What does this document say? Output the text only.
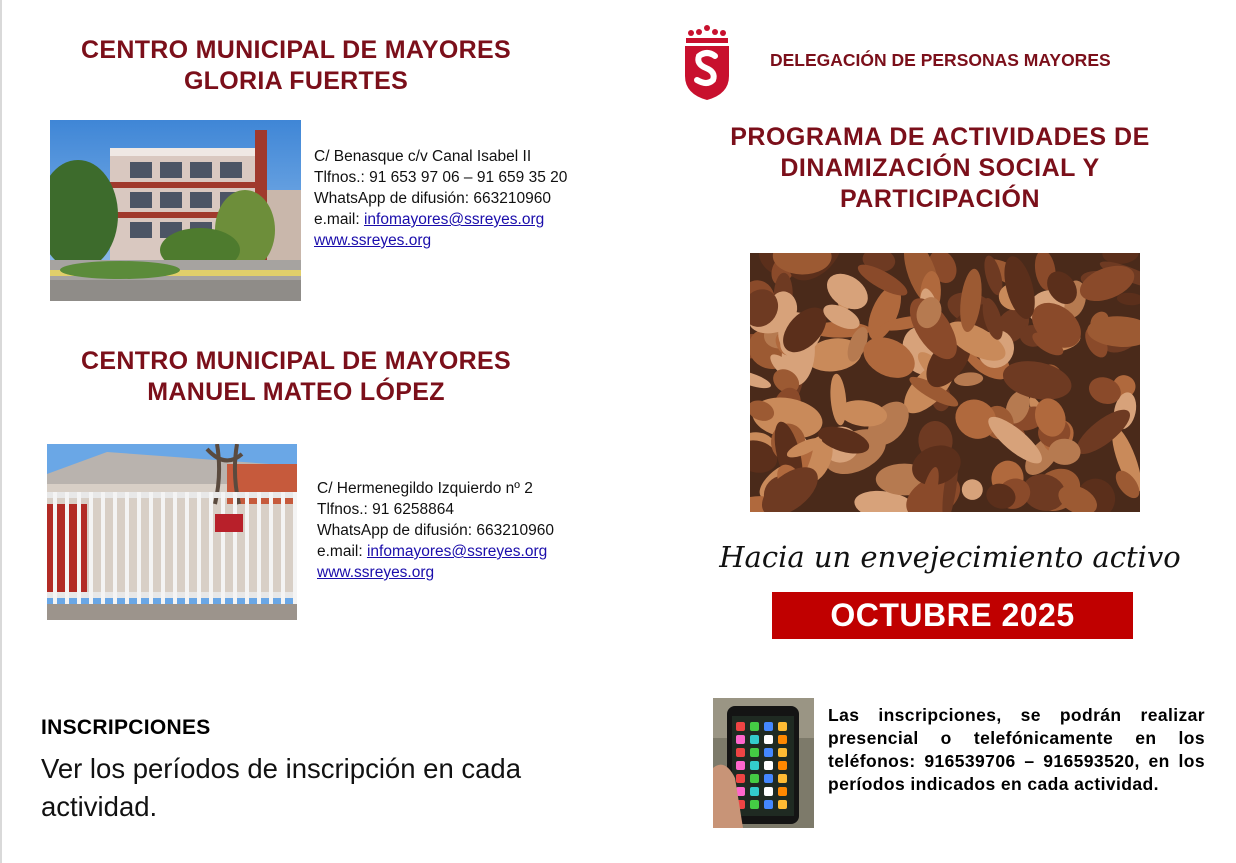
CENTRO MUNICIPAL DE MAYORES
GLORIA FUERTES
C/ Benasque c/v Canal Isabel II
Tlfnos.: 91 653 97 06 – 91 659 35 20
WhatsApp de difusión: 663210960
e.mail: infomayores@ssreyes.org
www.ssreyes.org
CENTRO MUNICIPAL DE MAYORES
MANUEL MATEO LÓPEZ
C/ Hermenegildo Izquierdo nº 2
Tlfnos.: 91 6258864
WhatsApp de difusión: 663210960
e.mail: infomayores@ssreyes.org
www.ssreyes.org
INSCRIPCIONES
Ver los períodos de inscripción en cada actividad.
DELEGACIÓN DE PERSONAS MAYORES
PROGRAMA DE ACTIVIDADES DE
DINAMIZACIÓN SOCIAL Y
PARTICIPACIÓN
Hacia un envejecimiento activo
OCTUBRE 2025
Las inscripciones, se podrán realizar presencial o telefónicamente en los teléfonos: 916539706 – 916593520, en los períodos indicados en cada actividad.
